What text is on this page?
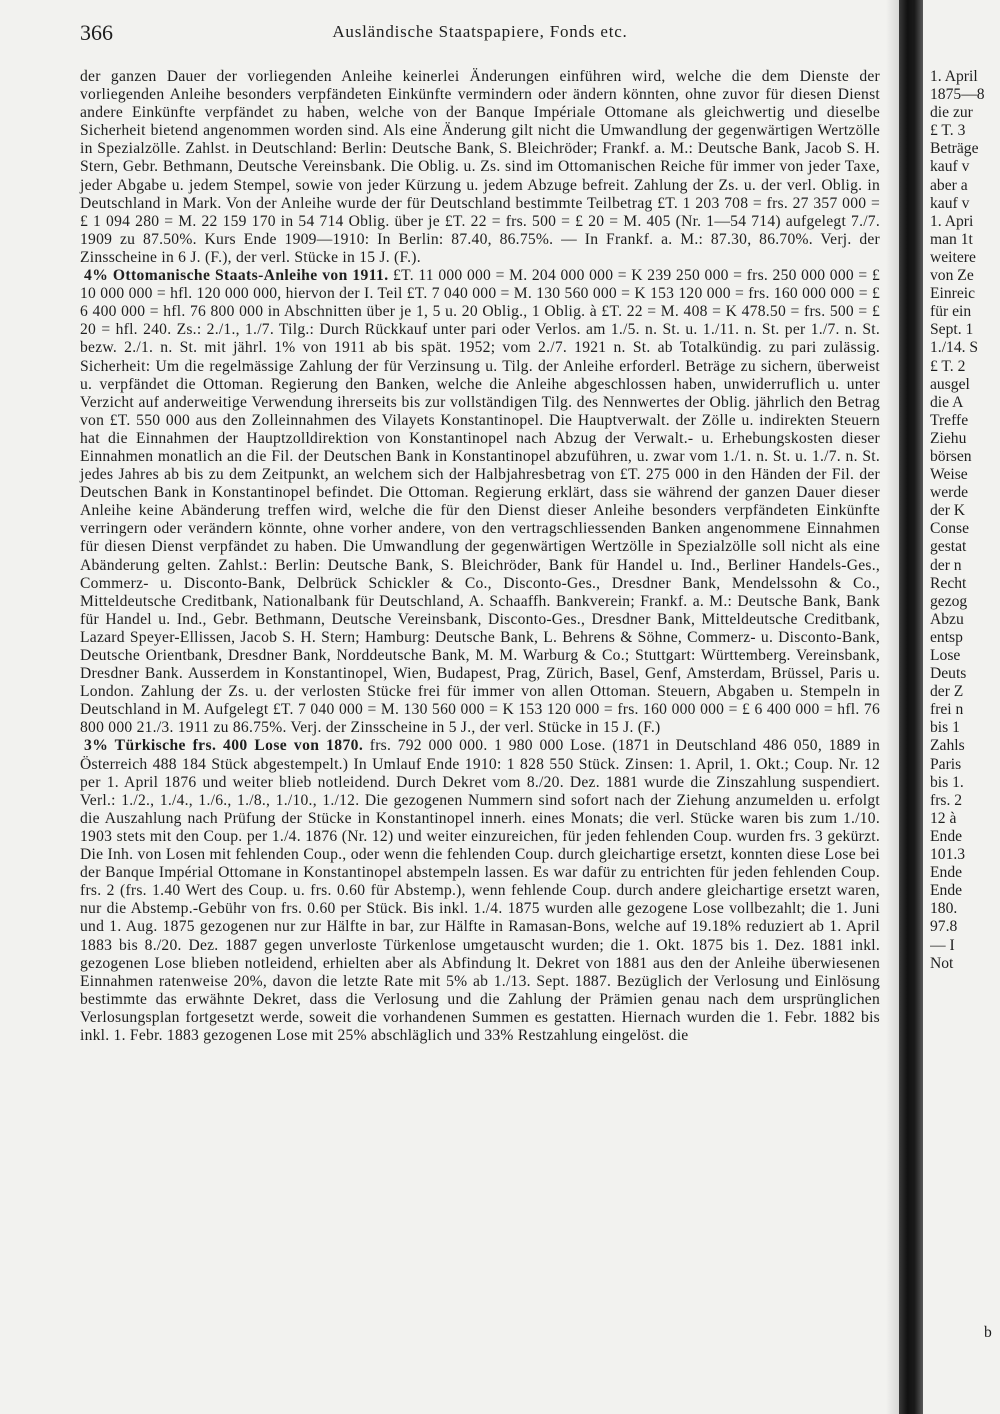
366	Ausländische Staatspapiere, Fonds etc.

der ganzen Dauer der vorliegenden Anleihe keinerlei Änderungen einführen wird, welche die dem Dienste der vorliegenden Anleihe besonders verpfändeten Einkünfte vermindern oder ändern könnten, ohne zuvor für diesen Dienst andere Einkünfte verpfändet zu haben, welche von der Banque Impériale Ottomane als gleichwertig und dieselbe Sicherheit bietend angenommen worden sind. Als eine Änderung gilt nicht die Umwandlung der gegenwärtigen Wertzölle in Spezialzölle. Zahlst. in Deutschland: Berlin: Deutsche Bank, S. Bleichröder; Frankf. a. M.: Deutsche Bank, Jacob S. H. Stern, Gebr. Bethmann, Deutsche Vereinsbank. Die Oblig. u. Zs. sind im Ottomanischen Reiche für immer von jeder Taxe, jeder Abgabe u. jedem Stempel, sowie von jeder Kürzung u. jedem Abzuge befreit. Zahlung der Zs. u. der verl. Oblig. in Deutschland in Mark. Von der Anleihe wurde der für Deutschland bestimmte Teilbetrag £T. 1 203 708 = frs. 27 357 000 = £ 1 094 280 = M. 22 159 170 in 54 714 Oblig. über je £T. 22 = frs. 500 = £ 20 = M. 405 (Nr. 1—54 714) aufgelegt 7./7. 1909 zu 87.50%. Kurs Ende 1909—1910: In Berlin: 87.40, 86.75%. — In Frankf. a. M.: 87.30, 86.70%. Verj. der Zinsscheine in 6 J. (F.), der verl. Stücke in 15 J. (F.).

4% Ottomanische Staats-Anleihe von 1911. £T. 11 000 000 = M. 204 000 000 = K 239 250 000 = frs. 250 000 000 = £ 10 000 000 = hfl. 120 000 000, hiervon der I. Teil £T. 7 040 000 = M. 130 560 000 = K 153 120 000 = frs. 160 000 000 = £ 6 400 000 = hfl. 76 800 000 in Abschnitten über je 1, 5 u. 20 Oblig., 1 Oblig. à £T. 22 = M. 408 = K 478.50 = frs. 500 = £ 20 = hfl. 240. Zs.: 2./1., 1./7. Tilg.: Durch Rückkauf unter pari oder Verlos. am 1./5. n. St. u. 1./11. n. St. per 1./7. n. St. bezw. 2./1. n. St. mit jährl. 1% von 1911 ab bis spät. 1952; vom 2./7. 1921 n. St. ab Totalkündig. zu pari zulässig. Sicherheit: Um die regelmässige Zahlung der für Verzinsung u. Tilg. der Anleihe erforderl. Beträge zu sichern, überweist u. verpfändet die Ottoman. Regierung den Banken, welche die Anleihe abgeschlossen haben, unwiderruflich u. unter Verzicht auf anderweitige Verwendung ihrerseits bis zur vollständigen Tilg. des Nennwertes der Oblig. jährlich den Betrag von £T. 550 000 aus den Zolleinnahmen des Vilayets Konstantinopel. Die Hauptverwalt. der Zölle u. indirekten Steuern hat die Einnahmen der Hauptzolldirektion von Konstantinopel nach Abzug der Verwalt.- u. Erhebungskosten dieser Einnahmen monatlich an die Fil. der Deutschen Bank in Konstantinopel abzuführen, u. zwar vom 1./1. n. St. u. 1./7. n. St. jedes Jahres ab bis zu dem Zeitpunkt, an welchem sich der Halbjahresbetrag von £T. 275 000 in den Händen der Fil. der Deutschen Bank in Konstantinopel befindet. Die Ottoman. Regierung erklärt, dass sie während der ganzen Dauer dieser Anleihe keine Abänderung treffen wird, welche die für den Dienst dieser Anleihe besonders verpfändeten Einkünfte verringern oder verändern könnte, ohne vorher andere, von den vertragschliessenden Banken angenommene Einnahmen für diesen Dienst verpfändet zu haben. Die Umwandlung der gegenwärtigen Wertzölle in Spezialzölle soll nicht als eine Abänderung gelten. Zahlst.: Berlin: Deutsche Bank, S. Bleichröder, Bank für Handel u. Ind., Berliner Handels-Ges., Commerz- u. Disconto-Bank, Delbrück Schickler & Co., Disconto-Ges., Dresdner Bank, Mendelssohn & Co., Mitteldeutsche Creditbank, Nationalbank für Deutschland, A. Schaaffh. Bankverein; Frankf. a. M.: Deutsche Bank, Bank für Handel u. Ind., Gebr. Bethmann, Deutsche Vereinsbank, Disconto-Ges., Dresdner Bank, Mitteldeutsche Creditbank, Lazard Speyer-Ellissen, Jacob S. H. Stern; Hamburg: Deutsche Bank, L. Behrens & Söhne, Commerz- u. Disconto-Bank, Deutsche Orientbank, Dresdner Bank, Norddeutsche Bank, M. M. Warburg & Co.; Stuttgart: Württemberg. Vereinsbank, Dresdner Bank. Ausserdem in Konstantinopel, Wien, Budapest, Prag, Zürich, Basel, Genf, Amsterdam, Brüssel, Paris u. London. Zahlung der Zs. u. der verlosten Stücke frei für immer von allen Ottoman. Steuern, Abgaben u. Stempeln in Deutschland in M. Aufgelegt £T. 7 040 000 = M. 130 560 000 = K 153 120 000 = frs. 160 000 000 = £ 6 400 000 = hfl. 76 800 000 21./3. 1911 zu 86.75%. Verj. der Zinsscheine in 5 J., der verl. Stücke in 15 J. (F.)

3% Türkische frs. 400 Lose von 1870. frs. 792 000 000. 1 980 000 Lose. (1871 in Deutschland 486 050, 1889 in Österreich 488 184 Stück abgestempelt.) In Umlauf Ende 1910: 1 828 550 Stück. Zinsen: 1. April, 1. Okt.; Coup. Nr. 12 per 1. April 1876 und weiter blieb notleidend. Durch Dekret vom 8./20. Dez. 1881 wurde die Zinszahlung suspendiert. Verl.: 1./2., 1./4., 1./6., 1./8., 1./10., 1./12. Die gezogenen Nummern sind sofort nach der Ziehung anzumelden u. erfolgt die Auszahlung nach Prüfung der Stücke in Konstantinopel innerh. eines Monats; die verl. Stücke waren bis zum 1./10. 1903 stets mit den Coup. per 1./4. 1876 (Nr. 12) und weiter einzureichen, für jeden fehlenden Coup. wurden frs. 3 gekürzt. Die Inh. von Losen mit fehlenden Coup., oder wenn die fehlenden Coup. durch gleichartige ersetzt, konnten diese Lose bei der Banque Impérial Ottomane in Konstantinopel abstempeln lassen. Es war dafür zu entrichten für jeden fehlenden Coup. frs. 2 (frs. 1.40 Wert des Coup. u. frs. 0.60 für Abstemp.), wenn fehlende Coup. durch andere gleichartige ersetzt waren, nur die Abstemp.-Gebühr von frs. 0.60 per Stück. Bis inkl. 1./4. 1875 wurden alle gezogene Lose vollbezahlt; die 1. Juni und 1. Aug. 1875 gezogenen nur zur Hälfte in bar, zur Hälfte in Ramasan-Bons, welche auf 19.18% reduziert ab 1. April 1883 bis 8./20. Dez. 1887 gegen unverloste Türkenlose umgetauscht wurden; die 1. Okt. 1875 bis 1. Dez. 1881 inkl. gezogenen Lose blieben notleidend, erhielten aber als Abfindung lt. Dekret von 1881 aus den der Anleihe überwiesenen Einnahmen ratenweise 20%, davon die letzte Rate mit 5% ab 1./13. Sept. 1887. Bezüglich der Verlosung und Einlösung bestimmte das erwähnte Dekret, dass die Verlosung und die Zahlung der Prämien genau nach dem ursprünglichen Verlosungsplan fortgesetzt werde, soweit die vorhandenen Summen es gestatten. Hiernach wurden die 1. Febr. 1882 bis inkl. 1. Febr. 1883 gezogenen Lose mit 25% abschläglich und 33% Restzahlung eingelöst. die

1. April
1875—8
die zur
£ T. 3
Beträge
kauf v
aber a
kauf v
1. Apri
man 1t
weitere
von Ze
Einreic
für ein
Sept. 1
1./14. S
£ T. 2
ausgel
die A
Treffe
Ziehu
börsen
Weise
werde
der K
Conse
gestat
der n
Recht
gezog
Abzu
entsp
Lose
Deuts
der Z
frei n
bis 1
Zahls
Paris
bis 1.
frs. 2
12 à
Ende
101.3
Ende
Ende
180.
97.8
— I
Not
b
